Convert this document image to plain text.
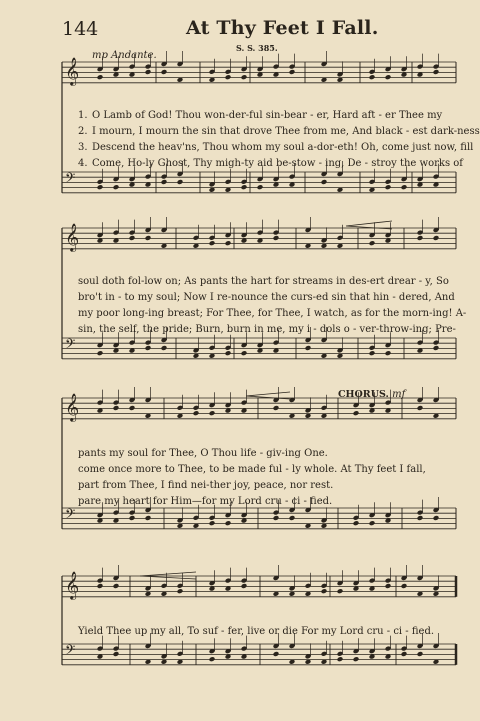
𝄞
𝄢
𝄞
𝄢
𝄞
𝄢
𝄞
𝄢
144	At Thy Feet I Fall.
S. S. 385.
mp Andante.
CHORUS. mf
1. O Lamb of God! Thou won-der-ful sin-bear - er, Hard aft - er Thee my
2. I mourn, I mourn the sin that drove Thee from me, And black - est dark-ness
3. Descend the heav'ns, Thou whom my soul a-dor-eth! Oh, come just now, fill
4. Come, Ho-ly Ghost, Thy migh-ty aid be-stow - ing, De - stroy the works of
soul doth fol-low on; As pants the hart for streams in des-ert drear - y, So
bro't in - to my soul; Now I re-nounce the curs-ed sin that hin - dered, And
my poor long-ing breast; For Thee, for Thee, I watch, as for the morn-ing! A-
sin, the self, the pride; Burn, burn in me, my i - dols o - ver-throw-ing; Pre-
pants my soul for Thee, O Thou life - giv-ing One.
come once more to Thee, to be made ful - ly whole. At Thy feet I fall,
part from Thee, I find nei-ther joy, peace, nor rest.
pare my heart for Him—for my Lord cru - ci - fied.
Yield Thee up my all, To suf - fer, live or die For my Lord cru - ci - fied.
